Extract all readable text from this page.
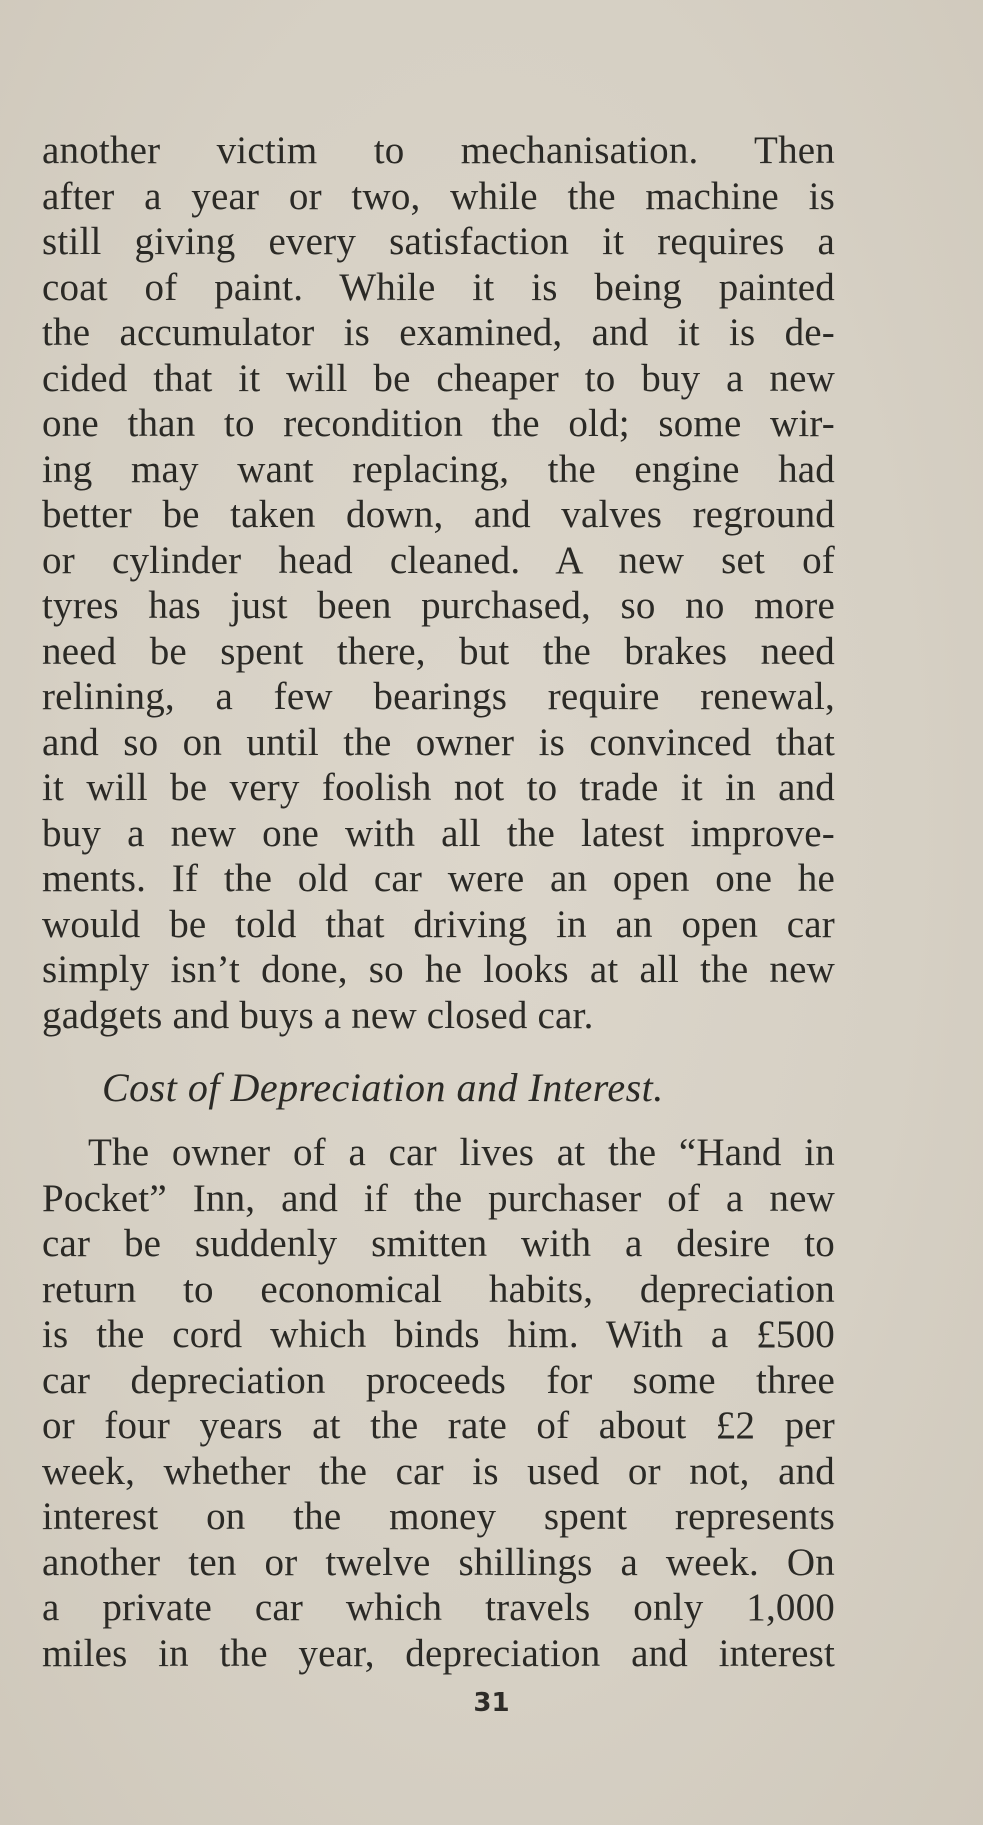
another victim to mechanisation. Then
after a year or two, while the machine is
still giving every satisfaction it requires a
coat of paint. While it is being painted
the accumulator is examined, and it is de-
cided that it will be cheaper to buy a new
one than to recondition the old; some wir-
ing may want replacing, the engine had
better be taken down, and valves reground
or cylinder head cleaned. A new set of
tyres has just been purchased, so no more
need be spent there, but the brakes need
relining, a few bearings require renewal,
and so on until the owner is convinced that
it will be very foolish not to trade it in and
buy a new one with all the latest improve-
ments. If the old car were an open one he
would be told that driving in an open car
simply isn’t done, so he looks at all the new
gadgets and buys a new closed car.
Cost of Depreciation and Interest.
The owner of a car lives at the “Hand in
Pocket” Inn, and if the purchaser of a new
car be suddenly smitten with a desire to
return to economical habits, depreciation
is the cord which binds him. With a £500
car depreciation proceeds for some three
or four years at the rate of about £2 per
week, whether the car is used or not, and
interest on the money spent represents
another ten or twelve shillings a week. On
a private car which travels only 1,000
miles in the year, depreciation and interest
31
